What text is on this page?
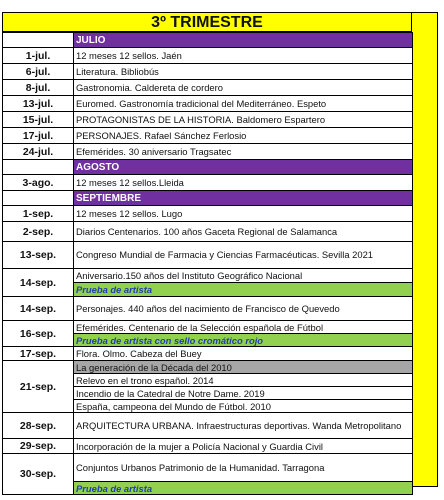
3º TRIMESTRE
	JULIO
1-jul.	12 meses 12 sellos. Jaén
6-jul.	Literatura. Bibliobús
8-jul.	Gastronomia. Caldereta de cordero
13-jul.	Euromed. Gastronomía tradicional del Mediterráneo. Espeto
15-jul.	PROTAGONISTAS DE LA HISTORIA. Baldomero Espartero
17-jul.	PERSONAJES. Rafael Sánchez Ferlosio
24-jul.	Efemérides. 30 aniversario Tragsatec
	AGOSTO
3-ago.	12 meses 12 sellos.Lleida
	SEPTIEMBRE
1-sep.	12 meses 12 sellos. Lugo
2-sep.	Diarios Centenarios. 100 años Gaceta Regional de Salamanca
13-sep.	Congreso Mundial de Farmacia y Ciencias Farmacéuticas. Sevilla 2021
14-sep.	Aniversario.150 años del Instituto Geográfico Nacional
	Prueba de artista
14-sep.	Personajes. 440 años del nacimiento de Francisco de Quevedo
16-sep.	Efemérides. Centenario de la Selección española de Fútbol
	Prueba de artista con sello cromático rojo
17-sep.	Flora. Olmo. Cabeza del Buey
21-sep.	La generación de la Década del 2010
	Relevo en el trono español. 2014
	Incendio de la Catedral de Notre Dame. 2019
	España, campeona del Mundo de Fútbol. 2010
28-sep.	ARQUITECTURA URBANA. Infraestructuras deportivas. Wanda Metropolitano
29-sep.	Incorporación de la mujer a Policía Nacional y Guardia Civil
30-sep.	Conjuntos Urbanos Patrimonio de la Humanidad. Tarragona
	Prueba de artista
